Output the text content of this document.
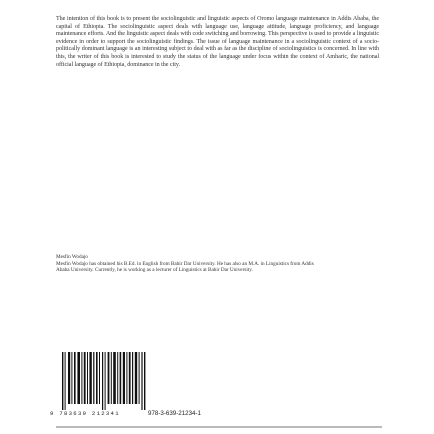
The intention of this book is to present the sociolinguistic and linguistic aspects of Oromo language maintenance in Addis Ababa, the capital of Ethiopia. The sociolinguistic aspect deals with language use, language attitude, language proficiency, and language maintenance efforts. And the linguistic aspect deals with code switching and borrowing. This perspective is used to provide a linguistic evidence in order to support the sociolinguistic findings. The issue of language maintenance in a sociolinguistic context of a socio-politically dominant language is an interesting subject to deal with as far as the discipline of sociolinguistics is concerned. In line with this, the writer of this book is interested to study the status of the language under focus within the context of Amharic, the national official language of Ethiopia, dominance in the city.

Mesfin Wodajo
Mesfin Wodajo has obtained his B.Ed. in English from Bahir Dar University. He has also an M.A. in Linguistics from Addis Ababa University. Currently, he is working as a lecturer of Linguistics at Bahir Dar University.
9 783639 212341	978-3-639-21234-1
